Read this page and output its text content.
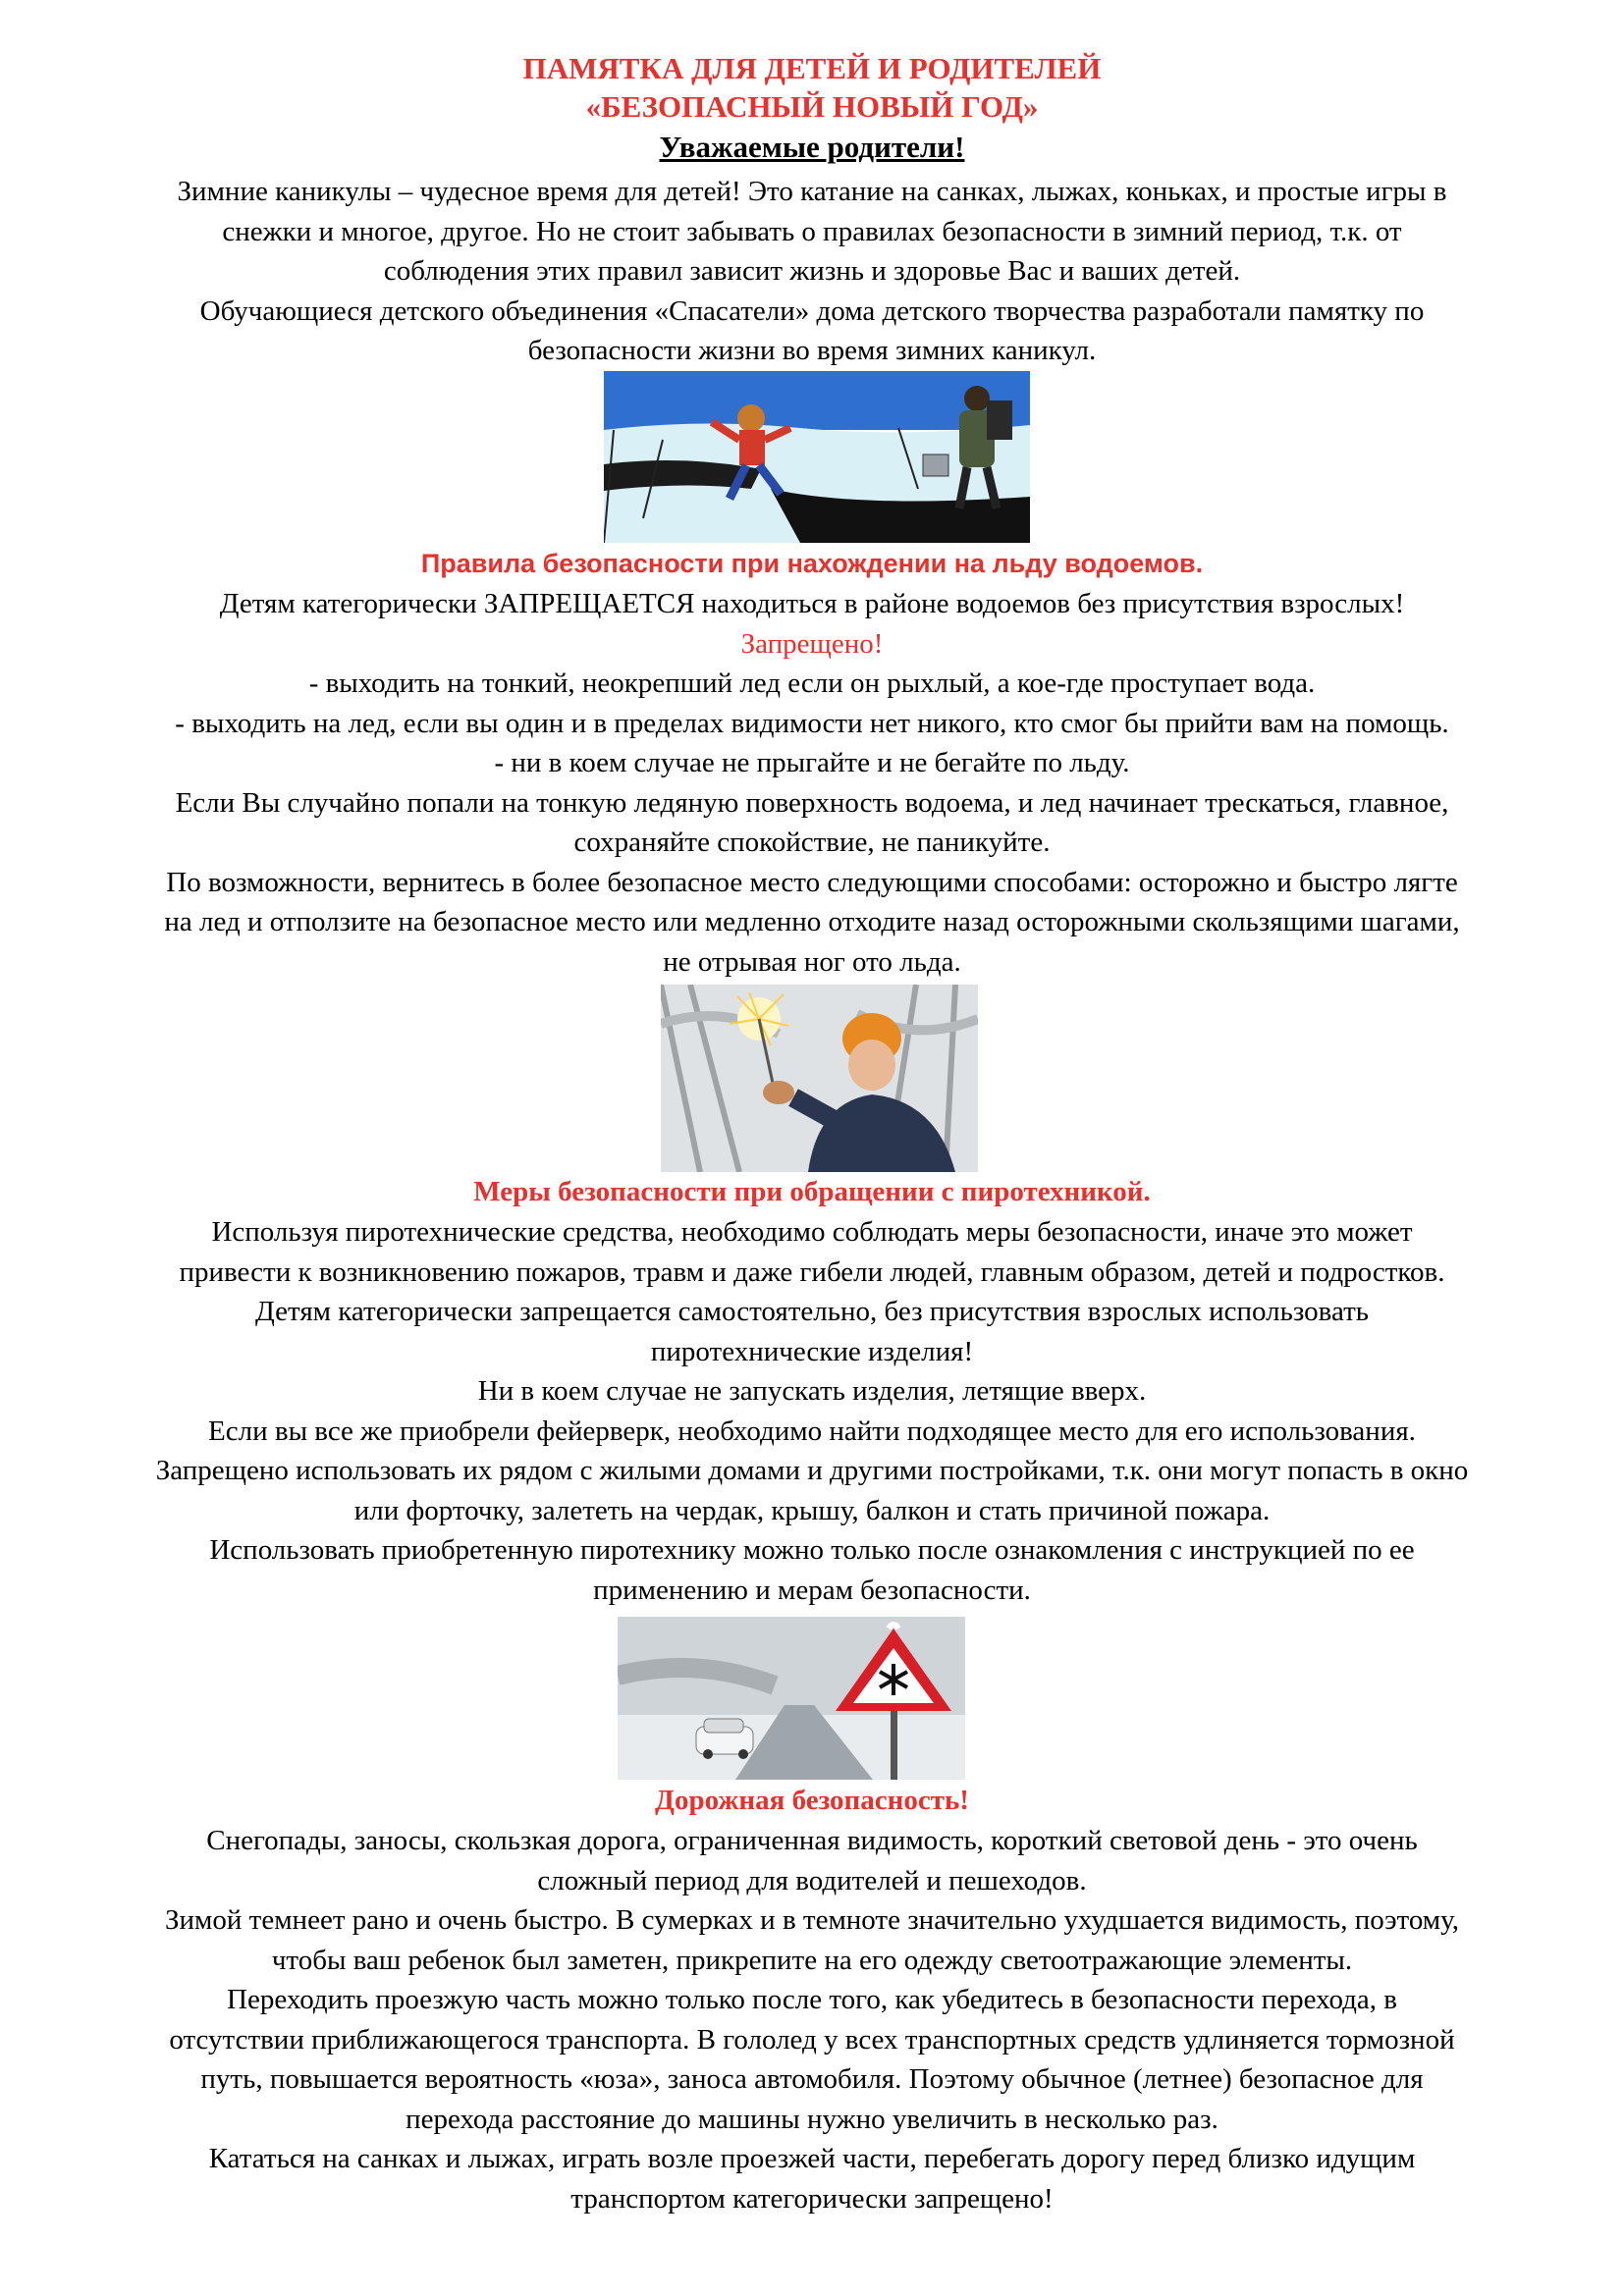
ПАМЯТКА ДЛЯ ДЕТЕЙ И РОДИТЕЛЕЙ
«БЕЗОПАСНЫЙ НОВЫЙ ГОД»
Уважаемые родители!

Зимние каникулы – чудесное время для детей! Это катание на санках, лыжах, коньках, и простые игры в

снежки и многое, другое. Но не стоит забывать о правилах безопасности в зимний период, т.к. от

соблюдения этих правил зависит жизнь и здоровье Вас и ваших детей.

Обучающиеся детского объединения «Спасатели» дома детского творчества разработали памятку по

безопасности жизни во время зимних каникул.

Правила безопасности при нахождении на льду водоемов.

Детям категорически ЗАПРЕЩАЕТСЯ находиться в районе водоемов без присутствия взрослых!

Запрещено!

- выходить на тонкий, неокрепший лед если он рыхлый, а кое-где проступает вода.

- выходить на лед, если вы один и в пределах видимости нет никого, кто смог бы прийти вам на помощь.

- ни в коем случае не прыгайте и не бегайте по льду.

Если Вы случайно попали на тонкую ледяную поверхность водоема, и лед начинает трескаться, главное,

сохраняйте спокойствие, не паникуйте.

По возможности, вернитесь в более безопасное место следующими способами: осторожно и быстро лягте

на лед и отползите на безопасное место или медленно отходите назад осторожными скользящими шагами,

не отрывая ног ото льда.

Меры безопасности при обращении с пиротехникой.

Используя пиротехнические средства, необходимо соблюдать меры безопасности, иначе это может

привести к возникновению пожаров, травм и даже гибели людей, главным образом, детей и подростков.

Детям категорически запрещается самостоятельно, без присутствия взрослых использовать

пиротехнические изделия!

Ни в коем случае не запускать изделия, летящие вверх.

Если вы все же приобрели фейерверк, необходимо найти подходящее место для его использования.

Запрещено использовать их рядом с жилыми домами и другими постройками, т.к. они могут попасть в окно

или форточку, залететь на чердак, крышу, балкон и стать причиной пожара.

Использовать приобретенную пиротехнику можно только после ознакомления с инструкцией по ее

применению и мерам безопасности.

Дорожная безопасность!

Снегопады, заносы, скользкая дорога, ограниченная видимость, короткий световой день - это очень

сложный период для водителей и пешеходов.

Зимой темнеет рано и очень быстро. В сумерках и в темноте значительно ухудшается видимость, поэтому,

чтобы ваш ребенок был заметен, прикрепите на его одежду светоотражающие элементы.

Переходить проезжую часть можно только после того, как убедитесь в безопасности перехода, в

отсутствии приближающегося транспорта. В гололед у всех транспортных средств удлиняется тормозной

путь, повышается вероятность «юза», заноса автомобиля. Поэтому обычное (летнее) безопасное для

перехода расстояние до машины нужно увеличить в несколько раз.

Кататься на санках и лыжах, играть возле проезжей части, перебегать дорогу перед близко идущим

транспортом категорически запрещено!
